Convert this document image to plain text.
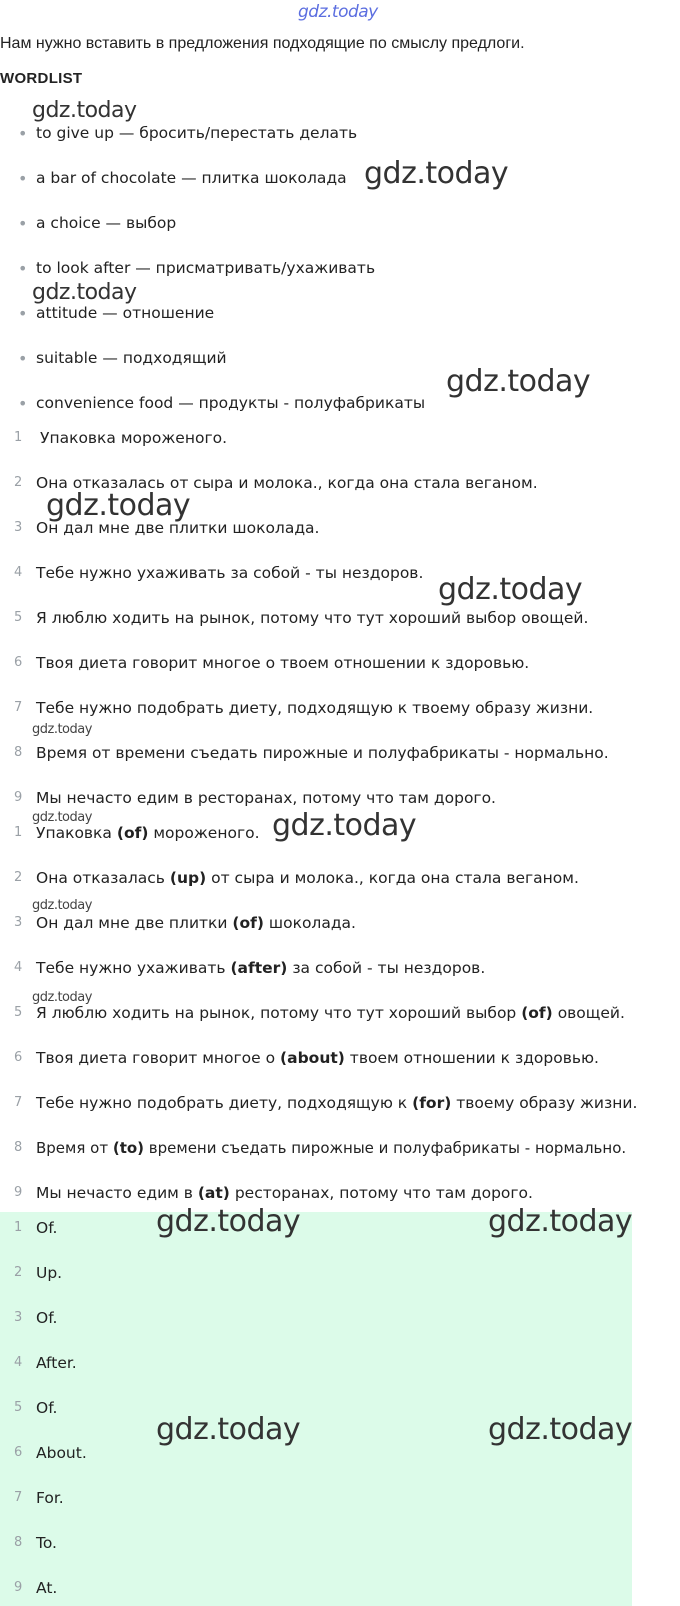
gdz.today
Нам нужно вставить в предложения подходящие по смыслу предлоги.
WORDLIST
• to give up — бросить/перестать делать
• a bar of chocolate — плитка шоколада
• a choice — выбор
• to look after — присматривать/ухаживать
• attitude — отношение
• suitable — подходящий
• convenience food — продукты - полуфабрикаты
1	Упаковка мороженого.
2 Она отказалась от сыра и молока., когда она стала веганом.
3 Он дал мне две плитки шоколада.
4 Тебе нужно ухаживать за собой - ты нездоров.
5 Я люблю ходить на рынок, потому что тут хороший выбор овощей.
6 Твоя диета говорит многое о твоем отношении к здоровью.
7 Тебе нужно подобрать диету, подходящую к твоему образу жизни.
8 Время от времени съедать пирожные и полуфабрикаты - нормально.
9 Мы нечасто едим в ресторанах, потому что там дорого.
1 Упаковка (of) мороженого.
2 Она отказалась (up) от сыра и молока., когда она стала веганом.
3 Он дал мне две плитки (of) шоколада.
4 Тебе нужно ухаживать (after) за собой - ты нездоров.
5 Я люблю ходить на рынок, потому что тут хороший выбор (of) овощей.
6 Твоя диета говорит многое о (about) твоем отношении к здоровью.
7 Тебе нужно подобрать диету, подходящую к (for) твоему образу жизни.
8 Время от (to) времени съедать пирожные и полуфабрикаты - нормально.
9 Мы нечасто едим в (at) ресторанах, потому что там дорого.
1 Of.
2 Up.
3 Of.
4 After.
5 Of.
6 About.
7 For.
8 To.
9 At.
gdz.today
gdz.today
gdz.today
gdz.today
gdz.today
gdz.today
gdz.today
gdz.today	gdz.today
gdz.today
gdz.today
gdz.today	gdz.today
gdz.today	gdz.today
